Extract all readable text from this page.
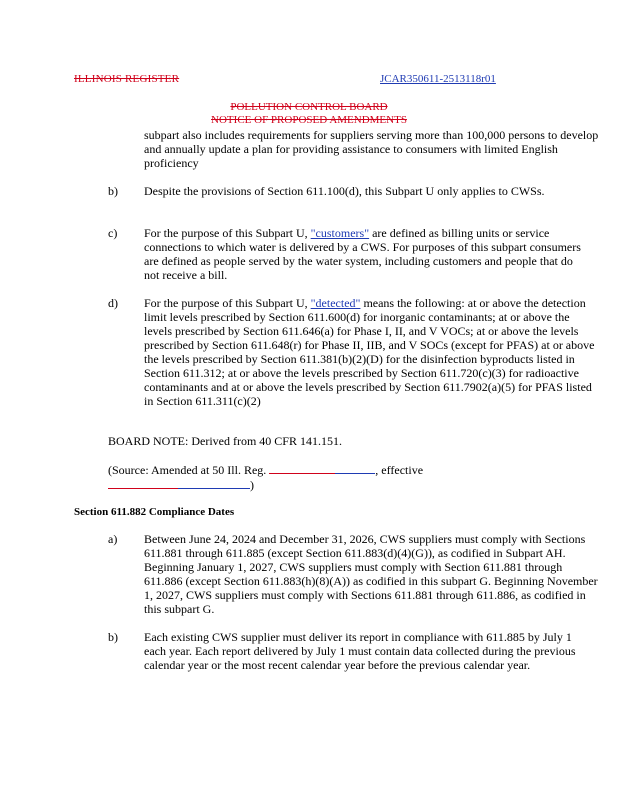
ILLINOIS REGISTER	JCAR350611-2513118r01
POLLUTION CONTROL BOARD
NOTICE OF PROPOSED AMENDMENTS
subpart also includes requirements for suppliers serving more than 100,000 persons to develop and annually update a plan for providing assistance to consumers with limited English proficiency
b) Despite the provisions of Section 611.100(d), this Subpart U only applies to CWSs.
c) For the purpose of this Subpart U, "customers" are defined as billing units or service connections to which water is delivered by a CWS. For purposes of this subpart consumers are defined as people served by the water system, including customers and people that do not receive a bill.
d) For the purpose of this Subpart U, "detected" means the following: at or above the detection limit levels prescribed by Section 611.600(d) for inorganic contaminants; at or above the levels prescribed by Section 611.646(a) for Phase I, II, and V VOCs; at or above the levels prescribed by Section 611.648(r) for Phase II, IIB, and V SOCs (except for PFAS) at or above the levels prescribed by Section 611.381(b)(2)(D) for the disinfection byproducts listed in Section 611.312; at or above the levels prescribed by Section 611.720(c)(3) for radioactive contaminants and at or above the levels prescribed by Section 611.7902(a)(5) for PFAS listed in Section 611.311(c)(2)
BOARD NOTE: Derived from 40 CFR 141.151.
(Source: Amended at 50 Ill. Reg.	, effective
)
Section 611.882 Compliance Dates
a) Between June 24, 2024 and December 31, 2026, CWS suppliers must comply with Sections 611.881 through 611.885 (except Section 611.883(d)(4)(G)), as codified in Subpart AH. Beginning January 1, 2027, CWS suppliers must comply with Section 611.881 through 611.886 (except Section 611.883(h)(8)(A)) as codified in this subpart G. Beginning November 1, 2027, CWS suppliers must comply with Sections 611.881 through 611.886, as codified in this subpart G.
b) Each existing CWS supplier must deliver its report in compliance with 611.885 by July 1 each year. Each report delivered by July 1 must contain data collected during the previous calendar year or the most recent calendar year before the previous calendar year.
